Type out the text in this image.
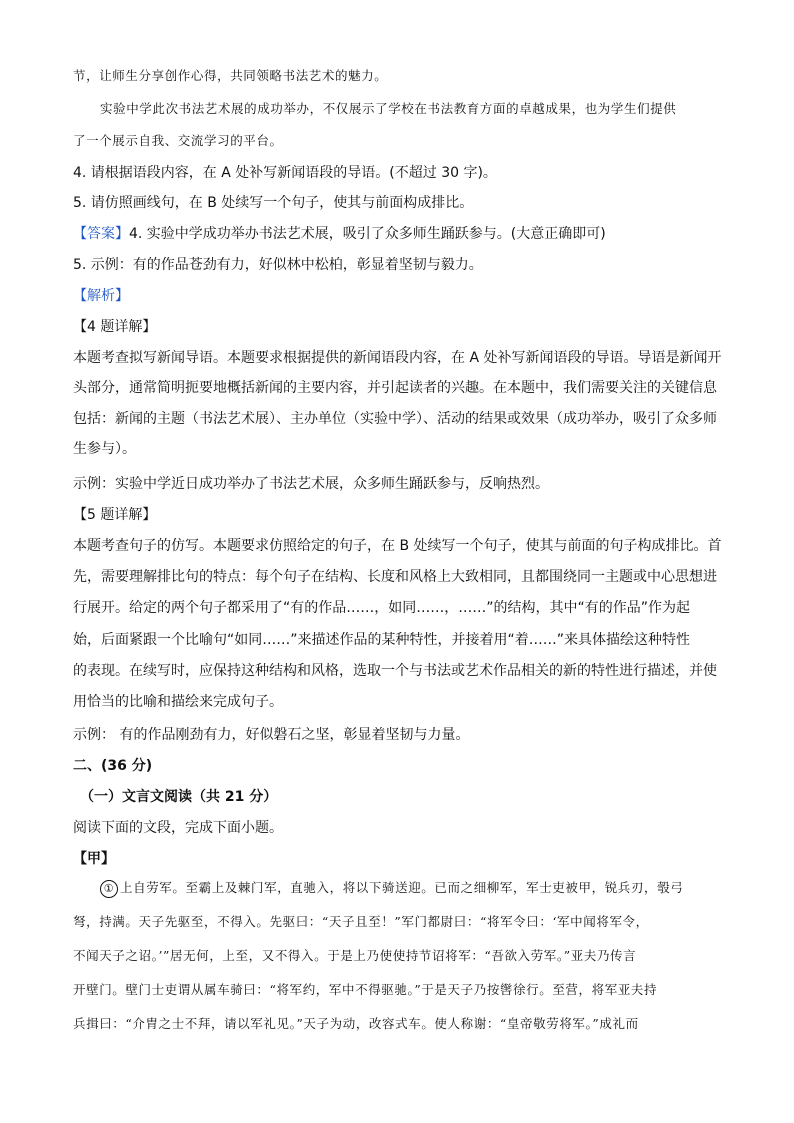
节，让师生分享创作心得，共同领略书法艺术的魅力。
实验中学此次书法艺术展的成功举办，不仅展示了学校在书法教育方面的卓越成果，也为学生们提供
了一个展示自我、交流学习的平台。
4. 请根据语段内容，在 A 处补写新闻语段的导语。(不超过 30 字)。
5. 请仿照画线句，在 B 处续写一个句子，使其与前面构成排比。
【答案】4. 实验中学成功举办书法艺术展，吸引了众多师生踊跃参与。(大意正确即可)
5. 示例：有的作品苍劲有力，好似林中松柏，彰显着坚韧与毅力。
【解析】
【4 题详解】
本题考查拟写新闻导语。本题要求根据提供的新闻语段内容，在 A 处补写新闻语段的导语。导语是新闻开
头部分，通常简明扼要地概括新闻的主要内容，并引起读者的兴趣。在本题中，我们需要关注的关键信息
包括：新闻的主题（书法艺术展）、主办单位（实验中学）、活动的结果或效果（成功举办，吸引了众多师
生参与）。
示例：实验中学近日成功举办了书法艺术展，众多师生踊跃参与，反响热烈。
【5 题详解】
本题考查句子的仿写。本题要求仿照给定的句子，在 B 处续写一个句子，使其与前面的句子构成排比。首
先，需要理解排比句的特点：每个句子在结构、长度和风格上大致相同，且都围绕同一主题或中心思想进
行展开。给定的两个句子都采用了“有的作品……，如同……，……”的结构，其中“有的作品”作为起
始，后面紧跟一个比喻句“如同……”来描述作品的某种特性，并接着用“着……”来具体描绘这种特性
的表现。在续写时，应保持这种结构和风格，选取一个与书法或艺术作品相关的新的特性进行描述，并使
用恰当的比喻和描绘来完成句子。
示例： 有的作品刚劲有力，好似磐石之坚，彰显着坚韧与力量。
二、(36 分)
（一）文言文阅读（共 21 分）
阅读下面的文段，完成下面小题。
【甲】
① 上自劳军。至霸上及棘门军，直驰入，将以下骑送迎。已而之细柳军，军士吏被甲，锐兵刃，彀弓
弩，持满。天子先驱至，不得入。先驱曰：“天子且至！”军门都尉曰：“将军令曰：‘军中闻将军令，
不闻天子之诏。’”居无何，上至，又不得入。于是上乃使使持节诏将军：“吾欲入劳军。”亚夫乃传言
开壁门。壁门士吏谓从属车骑曰：“将军约，军中不得驱驰。”于是天子乃按辔徐行。至营，将军亚夫持
兵揖曰：“介胄之士不拜，请以军礼见。”天子为动，改容式车。使人称谢：“皇帝敬劳将军。”成礼而
